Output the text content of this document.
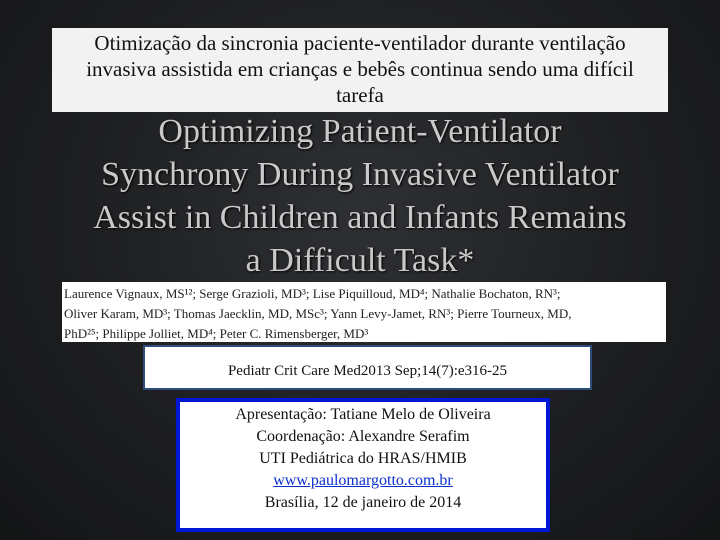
Otimização da sincronia paciente-ventilador durante ventilação
invasiva assistida em crianças e bebês continua sendo uma difícil
tarefa
Optimizing Patient-Ventilator
Synchrony During Invasive Ventilator
Assist in Children and Infants Remains
a Difficult Task*
Laurence Vignaux, MS¹²; Serge Grazioli, MD³; Lise Piquilloud, MD⁴; Nathalie Bochaton, RN³;
Oliver Karam, MD³; Thomas Jaecklin, MD, MSc³; Yann Levy-Jamet, RN³; Pierre Tourneux, MD,
PhD²⁵; Philippe Jolliet, MD⁴; Peter C. Rimensberger, MD³
Pediatr Crit Care Med2013 Sep;14(7):e316-25
Apresentação: Tatiane Melo de Oliveira
Coordenação: Alexandre Serafim
UTI Pediátrica do HRAS/HMIB
www.paulomargotto.com.br
Brasília, 12 de janeiro de 2014
